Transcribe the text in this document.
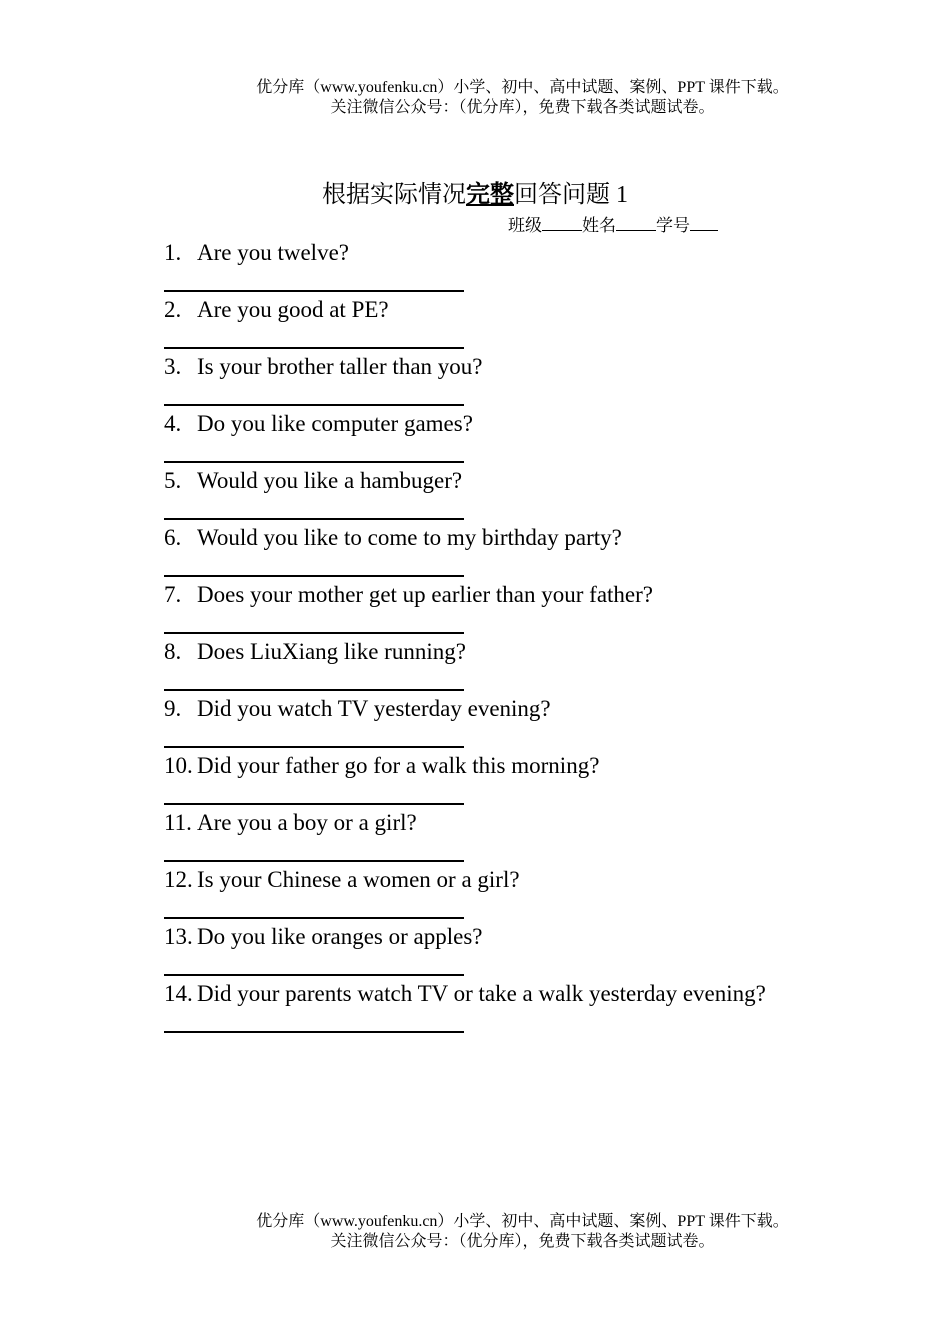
优分库（www.youfenku.cn）小学、初中、高中试题、案例、PPT 课件下载。
关注微信公众号：（优分库），免费下载各类试题试卷。
根据实际情况完整回答问题 1
班级 姓名 学号
1. Are you twelve?
2. Are you good at PE?
3. Is your brother taller than you?
4. Do you like computer games?
5. Would you like a hambuger?
6. Would you like to come to my birthday party?
7. Does your mother get up earlier than your father?
8. Does LiuXiang like running?
9. Did you watch TV yesterday evening?
10. Did your father go for a walk this morning?
11. Are you a boy or a girl?
12. Is your Chinese a women or a girl?
13. Do you like oranges or apples?
14. Did your parents watch TV or take a walk yesterday evening?
优分库（www.youfenku.cn）小学、初中、高中试题、案例、PPT 课件下载。
关注微信公众号：（优分库），免费下载各类试题试卷。
